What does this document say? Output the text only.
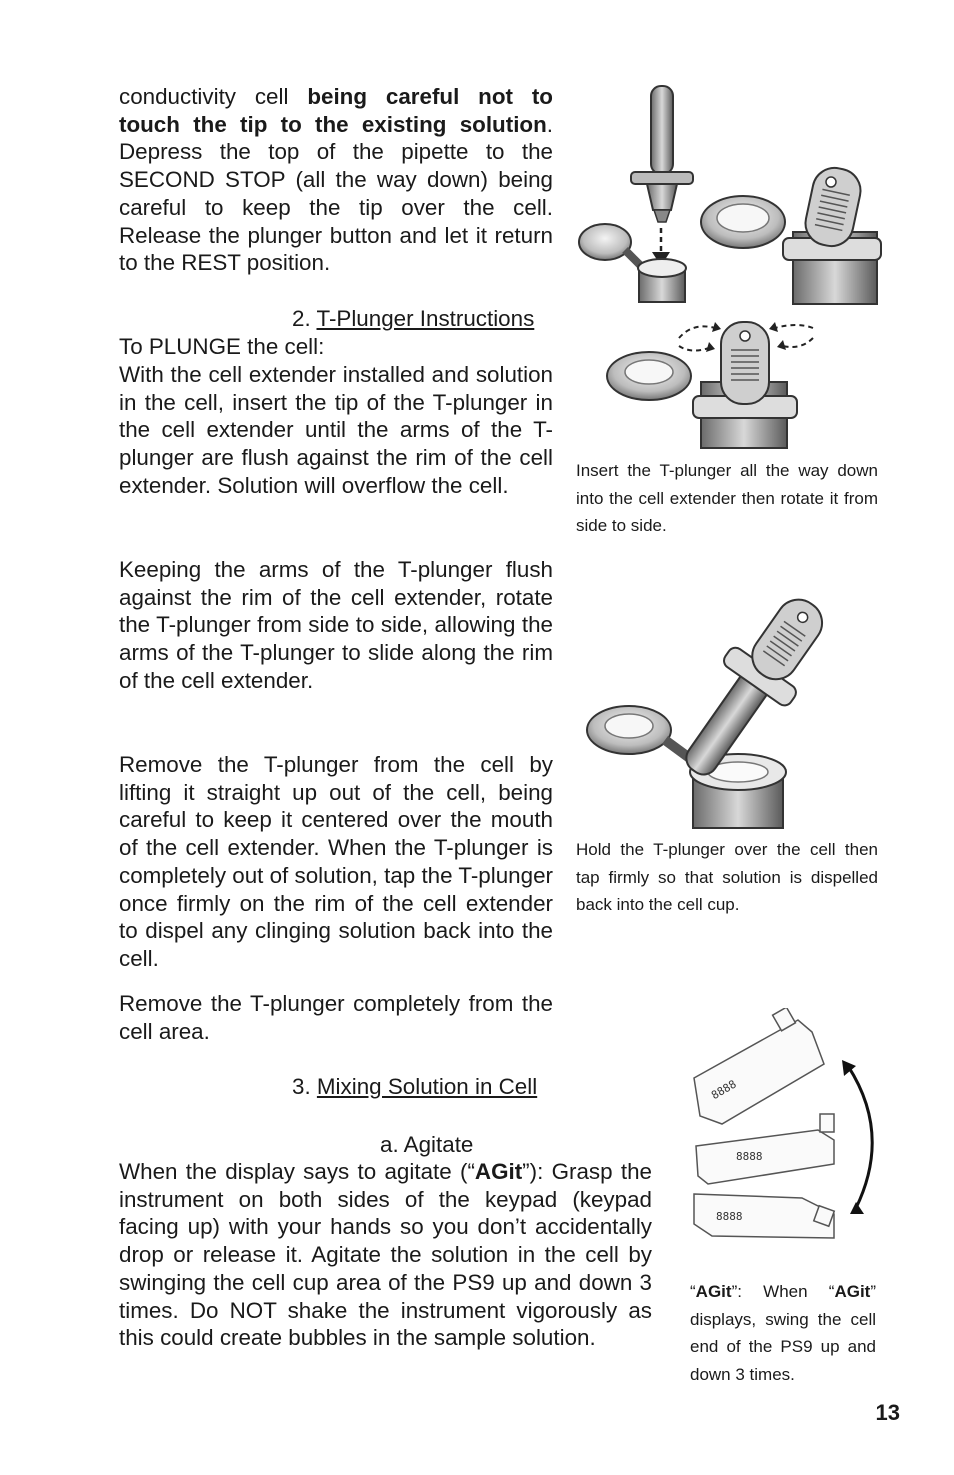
conductivity cell being careful not to touch the tip to the existing solution. Depress the top of the pipette to the SECOND STOP (all the way down) being careful to keep the tip over the cell. Release the plunger button and let it return to the REST position.

2. T-Plunger Instructions

To PLUNGE the cell:

With the cell extender installed and solution in the cell, insert the tip of the T-plunger in the cell extender until the arms of the T-plunger are flush against the rim of the cell extender. Solution will overflow the cell.

Keeping the arms of the T-plunger flush against the rim of the cell extender, rotate the T-plunger from side to side, allowing the arms of the T-plunger to slide along the rim of the cell extender.

Remove the T-plunger from the cell by lifting it straight up out of the cell, being careful to keep it centered over the mouth of the cell extender. When the T-plunger is completely out of solution, tap the T-plunger once firmly on the rim of the cell extender to dispel any clinging solution back into the cell.

Remove the T-plunger completely from the cell area.

3. Mixing Solution in Cell

a. Agitate

When the display says to agitate (“AGit”): Grasp the instrument on both sides of the keypad (keypad facing up) with your hands so you don’t accidentally drop or release it. Agitate the solution in the cell by swinging the cell cup area of the PS9 up and down 3 times. Do NOT shake the instrument vigorously as this could create bubbles in the sample solution.

Insert the T-plunger all the way down into the cell extender then rotate it from side to side.

Hold the T-plunger over the cell then tap firmly so that solution is dispelled back into the cell cup.

8888
8888
8888

“AGit”: When “AGit” displays, swing the cell end of the PS9 up and down 3 times.

13
